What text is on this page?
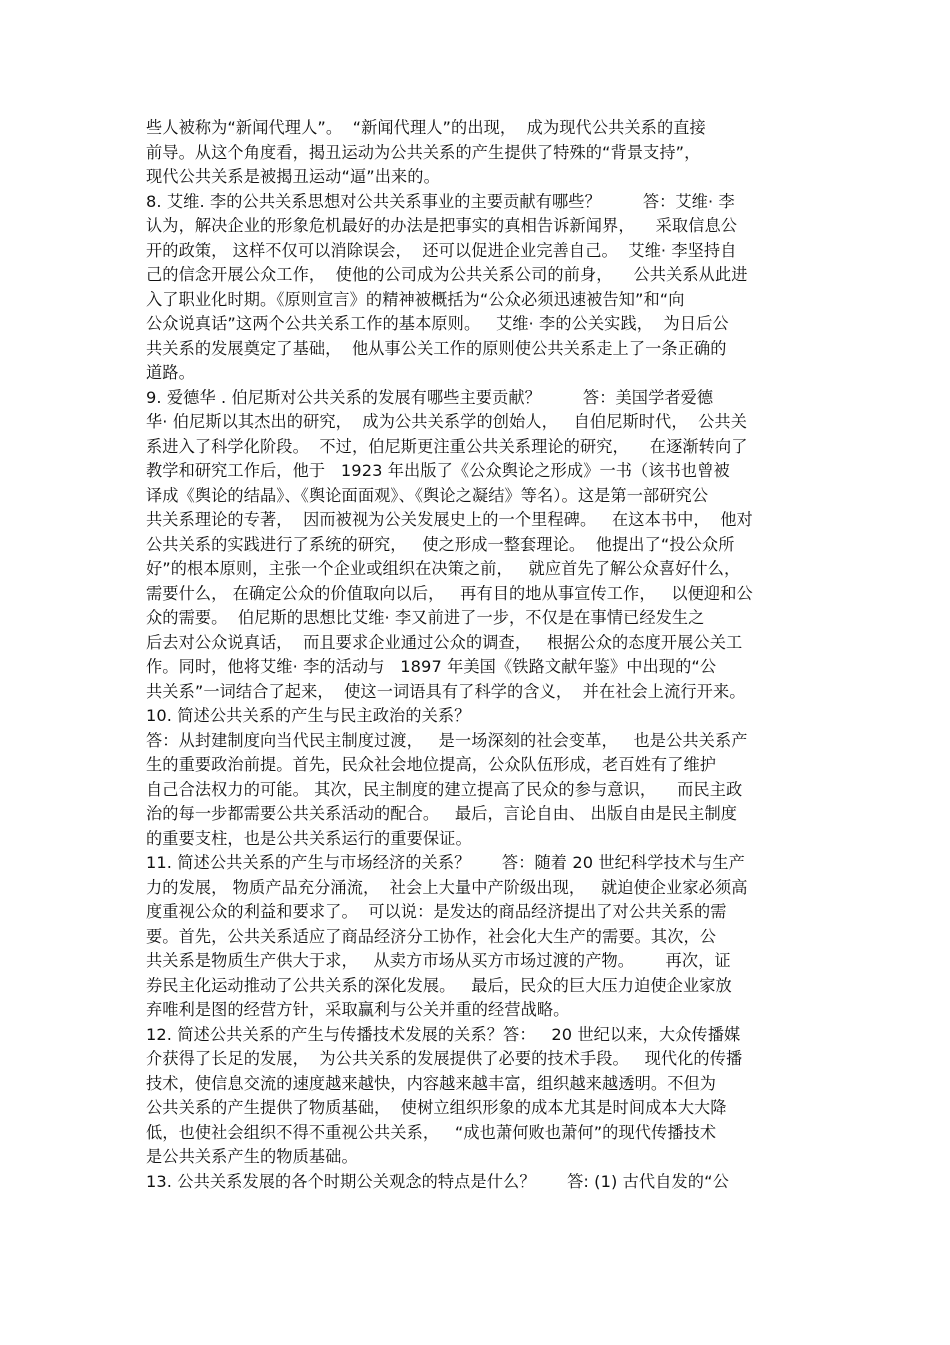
些人被称为“新闻代理人”。  “新闻代理人”的出现，  成为现代公共关系的直接
前导。从这个角度看，揭丑运动为公共关系的产生提供了特殊的“背景支持”，
现代公共关系是被揭丑运动“逼”出来的。
8. 艾维. 李的公共关系思想对公共关系事业的主要贡献有哪些？        答：艾维· 李
认为，解决企业的形象危机最好的办法是把事实的真相告诉新闻界，    采取信息公
开的政策， 这样不仅可以消除误会，  还可以促进企业完善自己。  艾维· 李坚持自
己的信念开展公众工作，  使他的公司成为公共关系公司的前身，    公共关系从此进
入了职业化时期。《原则宣言》的精神被概括为“公众必须迅速被告知”和“向
公众说真话”这两个公共关系工作的基本原则。   艾维· 李的公关实践，  为日后公
共关系的发展奠定了基础，  他从事公关工作的原则使公共关系走上了一条正确的
道路。
9. 爱德华 . 伯尼斯对公共关系的发展有哪些主要贡献？        答：美国学者爱德
华· 伯尼斯以其杰出的研究，  成为公共关系学的创始人，   自伯尼斯时代，  公共关
系进入了科学化阶段。  不过，伯尼斯更注重公共关系理论的研究，    在逐渐转向了
教学和研究工作后，他于   1923 年出版了《公众舆论之形成》一书（该书也曾被
译成《舆论的结晶》、《舆论面面观》、《舆论之凝结》等名）。这是第一部研究公
共关系理论的专著，  因而被视为公关发展史上的一个里程碑。   在这本书中，  他对
公共关系的实践进行了系统的研究，   使之形成一整套理论。  他提出了“投公众所
好”的根本原则，主张一个企业或组织在决策之前，   就应首先了解公众喜好什么，
需要什么， 在确定公众的价值取向以后，   再有目的地从事宣传工作，   以便迎和公
众的需要。  伯尼斯的思想比艾维· 李又前进了一步，不仅是在事情已经发生之
后去对公众说真话，  而且要求企业通过公众的调查，   根据公众的态度开展公关工
作。同时，他将艾维· 李的活动与   1897 年美国《铁路文献年鉴》中出现的“公
共关系”一词结合了起来，  使这一词语具有了科学的含义，  并在社会上流行开来。
10. 简述公共关系的产生与民主政治的关系？
答：从封建制度向当代民主制度过渡，   是一场深刻的社会变革，   也是公共关系产
生的重要政治前提。首先，民众社会地位提高，公众队伍形成，老百姓有了维护
自己合法权力的可能。 其次，民主制度的建立提高了民众的参与意识，    而民主政
治的每一步都需要公共关系活动的配合。   最后，言论自由、 出版自由是民主制度
的重要支柱，也是公共关系运行的重要保证。
11. 简述公共关系的产生与市场经济的关系？      答：随着 20 世纪科学技术与生产
力的发展， 物质产品充分涌流，  社会上大量中产阶级出现，   就迫使企业家必须高
度重视公众的利益和要求了。  可以说：是发达的商品经济提出了对公共关系的需
要。首先，公共关系适应了商品经济分工协作，社会化大生产的需要。其次，公
共关系是物质生产供大于求，   从卖方市场从买方市场过渡的产物。      再次，证
券民主化运动推动了公共关系的深化发展。   最后，民众的巨大压力迫使企业家放
弃唯利是图的经营方针，采取赢利与公关并重的经营战略。
12. 简述公共关系的产生与传播技术发展的关系？答：   20 世纪以来，大众传播媒
介获得了长足的发展，  为公共关系的发展提供了必要的技术手段。   现代化的传播
技术，使信息交流的速度越来越快，内容越来越丰富，组织越来越透明。不但为
公共关系的产生提供了物质基础，  使树立组织形象的成本尤其是时间成本大大降
低，也使社会组织不得不重视公共关系，   “成也萧何败也萧何”的现代传播技术
是公共关系产生的物质基础。
13. 公共关系发展的各个时期公关观念的特点是什么？      答: (1) 古代自发的“公
